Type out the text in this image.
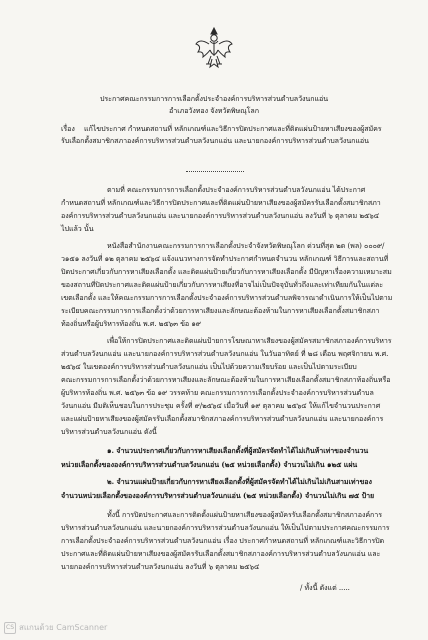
ประกาศคณะกรรมการการเลือกตั้งประจำองค์การบริหารส่วนตำบลวังนกแอ่น
อำเภอวังทอง จังหวัดพิษณุโลก
เรื่อง แก้ไขประกาศ กำหนดสถานที่ หลักเกณฑ์และวิธีการปิดประกาศและที่ติดแผ่นป้ายหาเสียงของผู้สมัคร
รับเลือกตั้งสมาชิกสภาองค์การบริหารส่วนตำบลวังนกแอ่น และนายกองค์การบริหารส่วนตำบลวังนกแอ่น
ตามที่ คณะกรรมการการเลือกตั้งประจำองค์การบริหารส่วนตำบลวังนกแอ่น ได้ประกาศ
กำหนดสถานที่ หลักเกณฑ์และวิธีการปิดประกาศและที่ติดแผ่นป้ายหาเสียงของผู้สมัครรับเลือกตั้งสมาชิกสภา
องค์การบริหารส่วนตำบลวังนกแอ่น และนายกองค์การบริหารส่วนตำบลวังนกแอ่น ลงวันที่ ๖ ตุลาคม ๒๕๖๔
ไปแล้ว นั้น
หนังสือสำนักงานคณะกรรมการการเลือกตั้งประจำจังหวัดพิษณุโลก ด่วนที่สุด ๒ด (พล) ๐๐๐๙/
ว๑๕๑ ลงวันที่ ๑๒ ตุลาคม ๒๕๖๔ แจ้งแนวทางการจัดทำประกาศกำหนดจำนวน หลักเกณฑ์ วิธีการและสถานที่
ปิดประกาศเกี่ยวกับการหาเสียงเลือกตั้ง และติดแผ่นป้ายเกี่ยวกับการหาเสียงเลือกตั้ง มีปัญหาเรื่องความเหมาะสม
ของสถานที่ปิดประกาศและติดแผ่นป้ายเกี่ยวกับการหาเสียงที่อาจไม่เป็นปัจจุบันทั่วถึงและเท่าเทียมกันในแต่ละ
เขตเลือกตั้ง และให้คณะกรรมการการเลือกตั้งประจำองค์การบริหารส่วนตำบลพิจารณาดำเนินการให้เป็นไปตาม
ระเบียบคณะกรรมการการเลือกตั้งว่าด้วยการหาเสียงและลักษณะต้องห้ามในการหาเสียงเลือกตั้งสมาชิกสภา
ท้องถิ่นหรือผู้บริหารท้องถิ่น พ.ศ. ๒๕๖๓ ข้อ ๑๙
เพื่อให้การปิดประกาศและติดแผ่นป้ายการโฆษณาหาเสียงของผู้สมัครสมาชิกสภาองค์การบริหาร
ส่วนตำบลวังนกแอ่น และนายกองค์การบริหารส่วนตำบลวังนกแอ่น ในวันอาทิตย์ ที่ ๒๘ เดือน พฤศจิกายน พ.ศ.
๒๕๖๔ ในเขตองค์การบริหารส่วนตำบลวังนกแอ่น เป็นไปด้วยความเรียบร้อย และเป็นไปตามระเบียบ
คณะกรรมการการเลือกตั้งว่าด้วยการหาเสียงและลักษณะต้องห้ามในการหาเสียงเลือกตั้งสมาชิกสภาท้องถิ่นหรือ
ผู้บริหารท้องถิ่น พ.ศ. ๒๕๖๓ ข้อ ๑๙ วรรคท้าย คณะกรรมการการเลือกตั้งประจำองค์การบริหารส่วนตำบล
วังนกแอ่น มีมติเห็นชอบในการประชุม ครั้งที่ ๙/๒๕๖๔ เมื่อวันที่ ๑๙ ตุลาคม ๒๕๖๔ ให้แก้ไขจำนวนประกาศ
และแผ่นป้ายหาเสียงของผู้สมัครรับเลือกตั้งสมาชิกสภาองค์การบริหารส่วนตำบลวังนกแอ่น และนายกองค์การ
บริหารส่วนตำบลวังนกแอ่น ดังนี้
๑. จำนวนประกาศเกี่ยวกับการหาเสียงเลือกตั้งที่ผู้สมัครจัดทำได้ไม่เกินห้าเท่าของจำนวน
หน่วยเลือกตั้งขององค์การบริหารส่วนตำบลวังนกแอ่น (๒๕ หน่วยเลือกตั้ง) จำนวนไม่เกิน ๑๒๕ แผ่น
๒. จำนวนแผ่นป้ายเกี่ยวกับการหาเสียงเลือกตั้งที่ผู้สมัครจัดทำได้ไม่เกินไม่เกินสามเท่าของ
จำนวนหน่วยเลือกตั้งขององค์การบริหารส่วนตำบลวังนกแอ่น (๒๕ หน่วยเลือกตั้ง) จำนวนไม่เกิน ๗๕ ป้าย
ทั้งนี้ การปิดประกาศและการติดตั้งแผ่นป้ายหาเสียงของผู้สมัครรับเลือกตั้งสมาชิกสภาองค์การ
บริหารส่วนตำบลวังนกแอ่น และนายกองค์การบริหารส่วนตำบลวังนกแอ่น ให้เป็นไปตามประกาศคณะกรรมการ
การเลือกตั้งประจำองค์การบริหารส่วนตำบลวังนกแอ่น เรื่อง ประกาศกำหนดสถานที่ หลักเกณฑ์และวิธีการปิด
ประกาศและที่ติดแผ่นป้ายหาเสียงของผู้สมัครรับเลือกตั้งสมาชิกสภาองค์การบริหารส่วนตำบลวังนกแอ่น และ
นายกองค์การบริหารส่วนตำบลวังนกแอ่น ลงวันที่ ๖ ตุลาคม ๒๕๖๔
/ ทั้งนี้ ดังแต่ .....
CS สแกนด้วย CamScanner
